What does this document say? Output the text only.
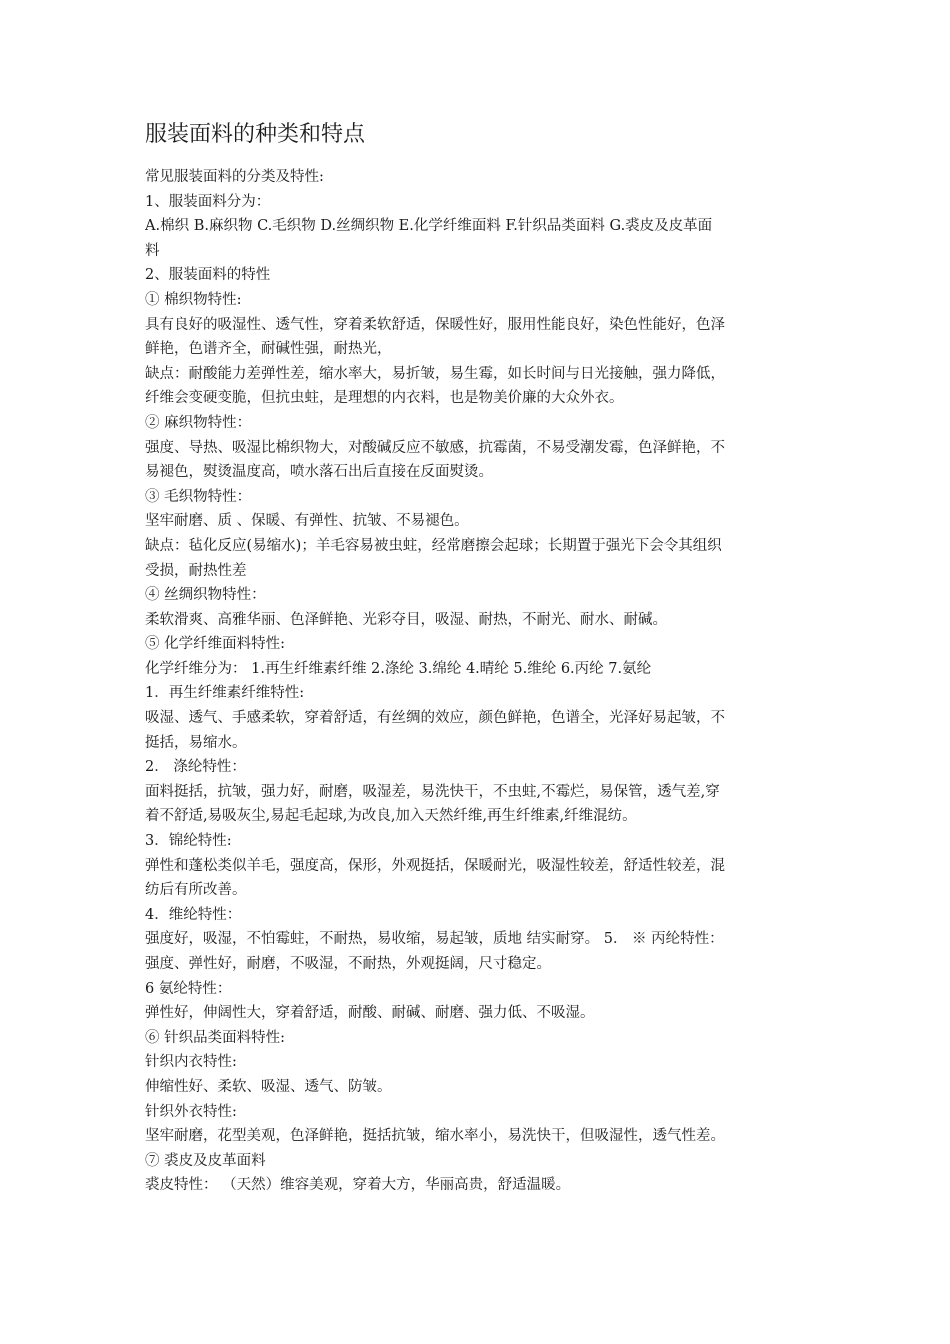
服装面料的种类和特点
常见服装面料的分类及特性:
1、服装面料分为：
A.棉织 B.麻织物 C.毛织物 D.丝绸织物 E.化学纤维面料 F.针织品类面料 G.裘皮及皮革面
料
2、服装面料的特性
① 棉织物特性:
具有良好的吸湿性、透气性，穿着柔软舒适，保暖性好，服用性能良好，染色性能好，色泽
鲜艳，色谱齐全，耐碱性强，耐热光，
缺点：耐酸能力差弹性差，缩水率大，易折皱，易生霉，如长时间与日光接触，强力降低，
纤维会变硬变脆，但抗虫蛀，是理想的内衣料，也是物美价廉的大众外衣。
② 麻织物特性：
强度、导热、吸湿比棉织物大，对酸碱反应不敏感，抗霉菌，不易受潮发霉，色泽鲜艳，不
易褪色，熨烫温度高，喷水落石出后直接在反面熨烫。
③ 毛织物特性：
坚牢耐磨、质 、保暖、有弹性、抗皱、不易褪色。
缺点：毡化反应(易缩水)；羊毛容易被虫蛀，经常磨擦会起球；长期置于强光下会令其组织
受损，耐热性差
④ 丝绸织物特性：
柔软滑爽、高雅华丽、色泽鲜艳、光彩夺目，吸湿、耐热，不耐光、耐水、耐碱。
⑤ 化学纤维面料特性:
化学纤维分为： 1.再生纤维素纤维 2.涤纶 3.绵纶 4.晴纶 5.维纶 6.丙纶 7.氨纶
1．再生纤维素纤维特性:
吸湿、透气、手感柔软，穿着舒适，有丝绸的效应，颜色鲜艳，色谱全，光泽好易起皱，不
挺括，易缩水。
2． 涤纶特性：
面料挺括，抗皱，强力好，耐磨，吸湿差，易洗快干，不虫蛀,不霉烂，易保管，透气差,穿
着不舒适,易吸灰尘,易起毛起球,为改良,加入天然纤维,再生纤维素,纤维混纺。
3．锦纶特性:
弹性和蓬松类似羊毛，强度高，保形，外观挺括，保暖耐光，吸湿性较差，舒适性较差，混
纺后有所改善。
4．维纶特性：
强度好，吸湿，不怕霉蛀，不耐热，易收缩，易起皱，质地 结实耐穿。 5． ※ 丙纶特性：
强度、弹性好，耐磨，不吸湿，不耐热，外观挺阔，尺寸稳定。
6 氨纶特性：
弹性好，伸阔性大，穿着舒适，耐酸、耐碱、耐磨、强力低、不吸湿。
⑥ 针织品类面料特性:
针织内衣特性:
伸缩性好、柔软、吸湿、透气、防皱。
针织外衣特性:
坚牢耐磨，花型美观，色泽鲜艳，挺括抗皱，缩水率小，易洗快干，但吸湿性，透气性差。
⑦ 裘皮及皮革面料
裘皮特性： （天然）维容美观，穿着大方，华丽高贵，舒适温暖。
